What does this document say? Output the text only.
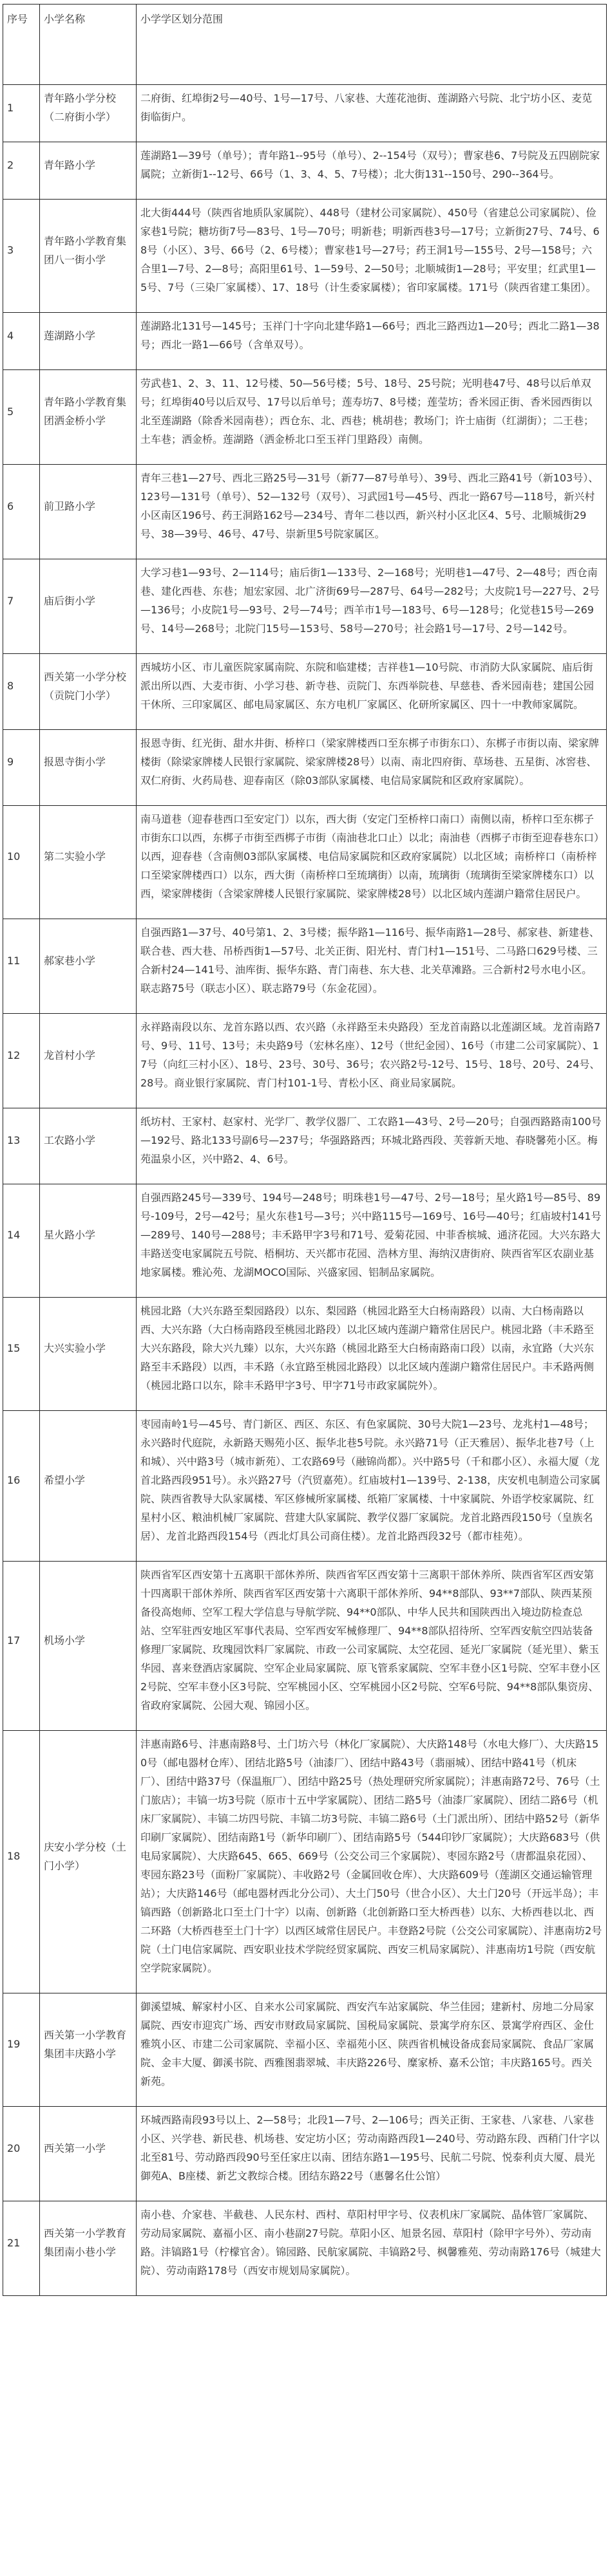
序号	小学名称	小学学区划分范围
1	青年路小学分校（二府街小学）	二府街、红埠街2号—40号、1号—17号、八家巷、大莲花池街、莲湖路六号院、北宁坊小区、麦苋街临街户。
2	青年路小学	莲湖路1—39号（单号）；青年路1--95号（单号）、2--154号（双号）；曹家巷6、7号院及五四剧院家属院；立新街1--12号、66号（1、3、4、5、7号楼）；北大街131--150号、290--364号。
3	青年路小学教育集团八一街小学	北大街444号（陕西省地质队家属院）、448号（建材公司家属院）、450号（省建总公司家属院）、俭家巷1号院；糖坊街7号—83号、1号—70号；明新巷；明新西巷3号—17号；立新街27号、74号、68号（小区）、3号、66号（2、6号楼）；曹家巷1号—27号；药王洞1号—155号、2号—158号；六合里1—7号、2—8号；高阳里61号、1—59号、2—50号；北顺城街1—28号；平安里；红武里1—5号、7号（三染厂家属楼）、17、18号（计生委家属楼）；省印家属楼。171号（陕西省建工集团）。
4	莲湖路小学	莲湖路北131号—145号；玉祥门十字向北建华路1—66号；西北三路西边1—20号；西北二路1—38号；西北一路1—66号（含单双号）。
5	青年路小学教育集团洒金桥小学	劳武巷1、2、3、11、12号楼、50—56号楼；5号、18号、25号院；光明巷47号、48号以后单双号；红埠街40号以后双号、17号以后单号；莲寿坊7、8号楼；莲莹坊；香米园正街、香米园西街以北至莲湖路（除香米园南巷）；西仓东、北、西巷；桃胡巷；教场门；许士庙街（红湖街）；二王巷；土车巷；洒金桥。莲湖路（洒金桥北口至玉祥门里路段）南侧。
6	前卫路小学	青年三巷1—27号、西北三路25号—31号（新77—87号单号）、39号、西北三路41号（新103号）、123号—131号（单号）、52—132号（双号）、习武园1号—45号、西北一路67号—118号，新兴村小区南区196号、药王洞路162号—234号、青年二巷以西，新兴村小区北区4、5号、北顺城街29号、38—39号、46号、47号、崇新里5号院家属区。
7	庙后街小学	大学习巷1—93号、2—114号；庙后街1—133号、2—168号；光明巷1—47号、2—48号；西仓南巷、建化西巷、东巷；旭宏家园、北广济街69号—287号、64号—282号；大皮院1号—227号、2号—136号；小皮院1号—93号、2号—74号；西羊市1号—183号、6号—128号；化觉巷15号—269号、14号—268号；北院门15号—153号、58号—270号；社会路1号—17号、2号—142号。
8	西关第一小学分校（贡院门小学）	西城坊小区、市儿童医院家属南院、东院和临建楼；吉祥巷1—10号院、市消防大队家属院、庙后街派出所以西、大麦市街、小学习巷、新寺巷、贡院门、东西举院巷、早慈巷、香米园南巷；建国公园干休所、三印家属区、邮电局家属区、东方电机厂家属区、化研所家属区、四十一中教师家属院。
9	报恩寺街小学	报恩寺街、红光街、甜水井街、桥梓口（梁家牌楼西口至东梆子市街东口）、东梆子市街以南、梁家牌楼街（除梁家牌楼人民银行家属院、梁家牌楼28号）以南、南北四府街、草场巷、五星街、冰窖巷、双仁府街、火药局巷、迎春南区（除03部队家属楼、电信局家属院和区政府家属院）。
10	第二实验小学	南马道巷（迎春巷西口至安定门）以东，西大街（安定门至桥梓口南口）南侧以南，桥梓口至东梆子市街东口以西，东梆子市街至西梆子市街（南油巷北口止）以北；南油巷（西梆子市街至迎春巷东口）以西，迎春巷（含南侧03部队家属楼、电信局家属院和区政府家属院）以北区域；南桥梓口（南桥梓口至梁家牌楼西口）以东，西大街（南桥梓口至琉璃街）以南，琉璃街（琉璃街至梁家牌楼东口）以西，梁家牌楼街（含梁家牌楼人民银行家属院、梁家牌楼28号）以北区域内莲湖户籍常住居民户。
11	郝家巷小学	自强西路1—37号、40号第1、2、3号楼；振华路1—116号、振华南路1—28号、郝家巷、新建巷、联合巷、西大巷、吊桥西街1—57号、北关正街、阳光村、青门村1—151号、二马路口629号楼、三合新村24—141号、油库街、振华东路、青门南巷、东大巷、北关草滩路。三合新村2号水电小区。联志路75号（联志小区）、联志路79号（东金花园）。
12	龙首村小学	永祥路南段以东、龙首东路以西、农兴路（永祥路至未央路段）至龙首南路以北莲湖区域。龙首南路7号、9号、11号、13号；未央路9号（宏林名座）、12号（世纪金园）、16号（市建二公司家属院）、17号（向红三村小区）、18号、23号、30号、36号；农兴路2号-12号、15号、18号、20号、24号、28号。商业银行家属院、青门村101-1号、青松小区、商业局家属院。
13	工农路小学	纸坊村、王家村、赵家村、光学厂、教学仪器厂、工农路1—43号、2号—20号；自强西路路南100号—192号、路北133号副6号—237号；华强路路西；环城北路西段、芙蓉新天地、春晓馨苑小区。梅苑温泉小区，兴中路2、4、6号。
14	星火路小学	自强西路245号—339号、194号—248号；明珠巷1号—47号、2号—18号；星火路1号—85号、89号-109号，2号—42号；星火东巷1号—3号；兴中路115号—169号、16号—40号；红庙坡村141号—289号、140号—288号；丰禾路甲字3号和71号、爱菊花园、中菲香槟城、通济花园。大兴东路大丰路送变电家属院五号院、梧桐坊、天兴都市花园、浩林方里、海纳汉唐街府、陕西省军区农副业基地家属楼。雅沁苑、龙湖MOCO国际、兴盛家园、铝制品家属院。
15	大兴实验小学	桃园北路（大兴东路至梨园路段）以东、梨园路（桃园北路至大白杨南路段）以南、大白杨南路以西、大兴东路（大白杨南路段至桃园北路段）以北区域内莲湖户籍常住居民户。桃园北路（丰禾路至大兴东路段，除大兴九臻）以东，大兴东路（桃园北路至大白杨南路南口段）以南，永宜路（大兴东路至丰禾路段）以西，丰禾路（永宜路至桃园北路段）以北区域内莲湖户籍常住居民户。丰禾路两侧（桃园北路口以东，除丰禾路甲字3号、甲字71号市政家属院外）。
16	希望小学	枣园南岭1号—45号、青门新区、西区、东区、有色家属院、30号大院1—23号、龙兆村1—48号；永兴路时代庭院，永新路天赐苑小区、振华北巷5号院。永兴路71号（正天雅居）、振华北巷7号（上和城）、兴中路3号（城市新苑）、工农路69号（融锦尚都）。兴中路5号（千和郡小区）、永福大厦（龙首北路西段951号）。永兴路27号（汽贸嘉苑）。红庙坡村1—139号、2-138，庆安机电制造公司家属院、陕西省教导大队家属楼、军区修械所家属楼、纸箱厂家属楼、十中家属院、外语学校家属院、红星村小区、粮油机械厂家属院、营建大队家属院、教学仪器厂家属院。龙首北路西段150号（皇族名居）、龙首北路西段154号（西北灯具公司商住楼）。龙首北路西段32号（都市桂苑）。
17	机场小学	陕西省军区西安第十五离职干部休养所、陕西省军区西安第十三离职干部休养所、陕西省军区西安第十四离职干部休养所、陕西省军区西安第十六离职干部休养所、94**8部队、93**7部队、陕西某预备役高炮师、空军工程大学信息与导航学院、94**0部队、中华人民共和国陕西出入境边防检查总站、空军驻西安地区军事代表局、空军西安军械修理厂、94**8部队招待所、空军西安航空四站装备修理厂家属院、玫瑰园饮料厂家属院、市政一公司家属院、太空花园、延光厂家属院（延光里）、紫玉华园、喜来登酒店家属院、空军企业局家属院、原飞管系家属院、空军丰登小区1号院、空军丰登小区2号院、空军丰登小区3号院、空军桃园小区、空军桃园小区2号院、空军6号院、94**8部队集资房、省政府家属院、公园大观、锦园小区。
18	庆安小学分校（土门小学）	沣惠南路6号、沣惠南路8号、土门坊六号（林化厂家属院）、大庆路148号（水电大修厂）、大庆路150号（邮电器材仓库）、团结北路5号（油漆厂）、团结中路43号（翡丽城）、团结中路41号（机床厂）、团结中路37号（保温瓶厂）、团结中路25号（热处理研究所家属院）；沣惠南路72号、76号（土门旅店）；丰镐一坊3号院（原市十五中学家属院）、团结二路5号（油漆厂家属院）、团结二路6号（机床厂家属院）、丰镐二坊四号院、丰镐二坊3号院、丰镐二路6号（土门派出所）、团结中路52号（新华印刷厂家属院）、团结南路1号（新华印刷厂）、团结南路5号（544印钞厂家属院）；大庆路683号（供电局家属院）、大庆路645、665、669号（公交公司三个家属院）、枣园东路2号（唐都温泉花园）、枣园东路23号（面粉厂家属院）、丰收路2号（金属回收仓库）、大庆路609号（莲湖区交通运输管理站）；大庆路146号（邮电器材西北分公司）、大土门50号（世合小区）、大土门20号（开远半岛）；丰镐西路（创新路北口至土门十字）以南、创新路（北创新路口至大桥西巷）以东、大桥西巷以北、西二环路（大桥西巷至土门十字）以西区域常住居民户。丰登路2号院（公交公司家属院）、沣惠南坊2号院（土门电信家属院、西安职业技术学院经贸家属院、西安三机局家属院）、沣惠南坊1号院（西安航空学院家属院）。
19	西关第一小学教育集团丰庆路小学	御溪望城、解家村小区、自来水公司家属院、西安汽车站家属院、华兰佳园；建新村、房地二分局家属院、西安市迎宾广场、西安市财政局家属院、国税局家属院、景寓学府东区、景寓学府西区、金仕雅筑小区、市建二公司家属院、幸福小区、幸福苑小区、陕西省机械设备成套局家属院、食品厂家属院、金丰大厦、御溪书院、西雅图翡翠城、丰庆路226号、糜家桥、嘉禾公馆；丰庆路165号。西关新苑。
20	西关第一小学	环城西路南段93号以上、2—58号；北段1—7号、2—106号；西关正街、王家巷、八家巷、八家巷小区、兴学巷、新民巷、机场巷、安定坊小区；劳动南路西段1—240号、劳动路东段、西稍门什字以北至81号、劳动路西段90号至任家庄以南、团结东路1—195号、民航二号院、悦泰利贞大厦、晨光御苑A、B座楼、新艺文教综合楼。团结东路22号（惠馨名仕公馆）
21	西关第一小学教育集团南小巷小学	南小巷、介家巷、半截巷、人民东村、西村、草阳村甲字号、仪表机床厂家属院、晶体管厂家属院、劳动局家属院、嘉福小区、南小巷副27号院。草阳小区、旭景名园、草阳村（除甲字号外）、劳动南路。沣镐路1号（柠檬官舍）。锦园路、民航家属院、丰镐路2号、枫馨雅苑、劳动南路176号（城建大院）、劳动南路178号（西安市规划局家属院）。
